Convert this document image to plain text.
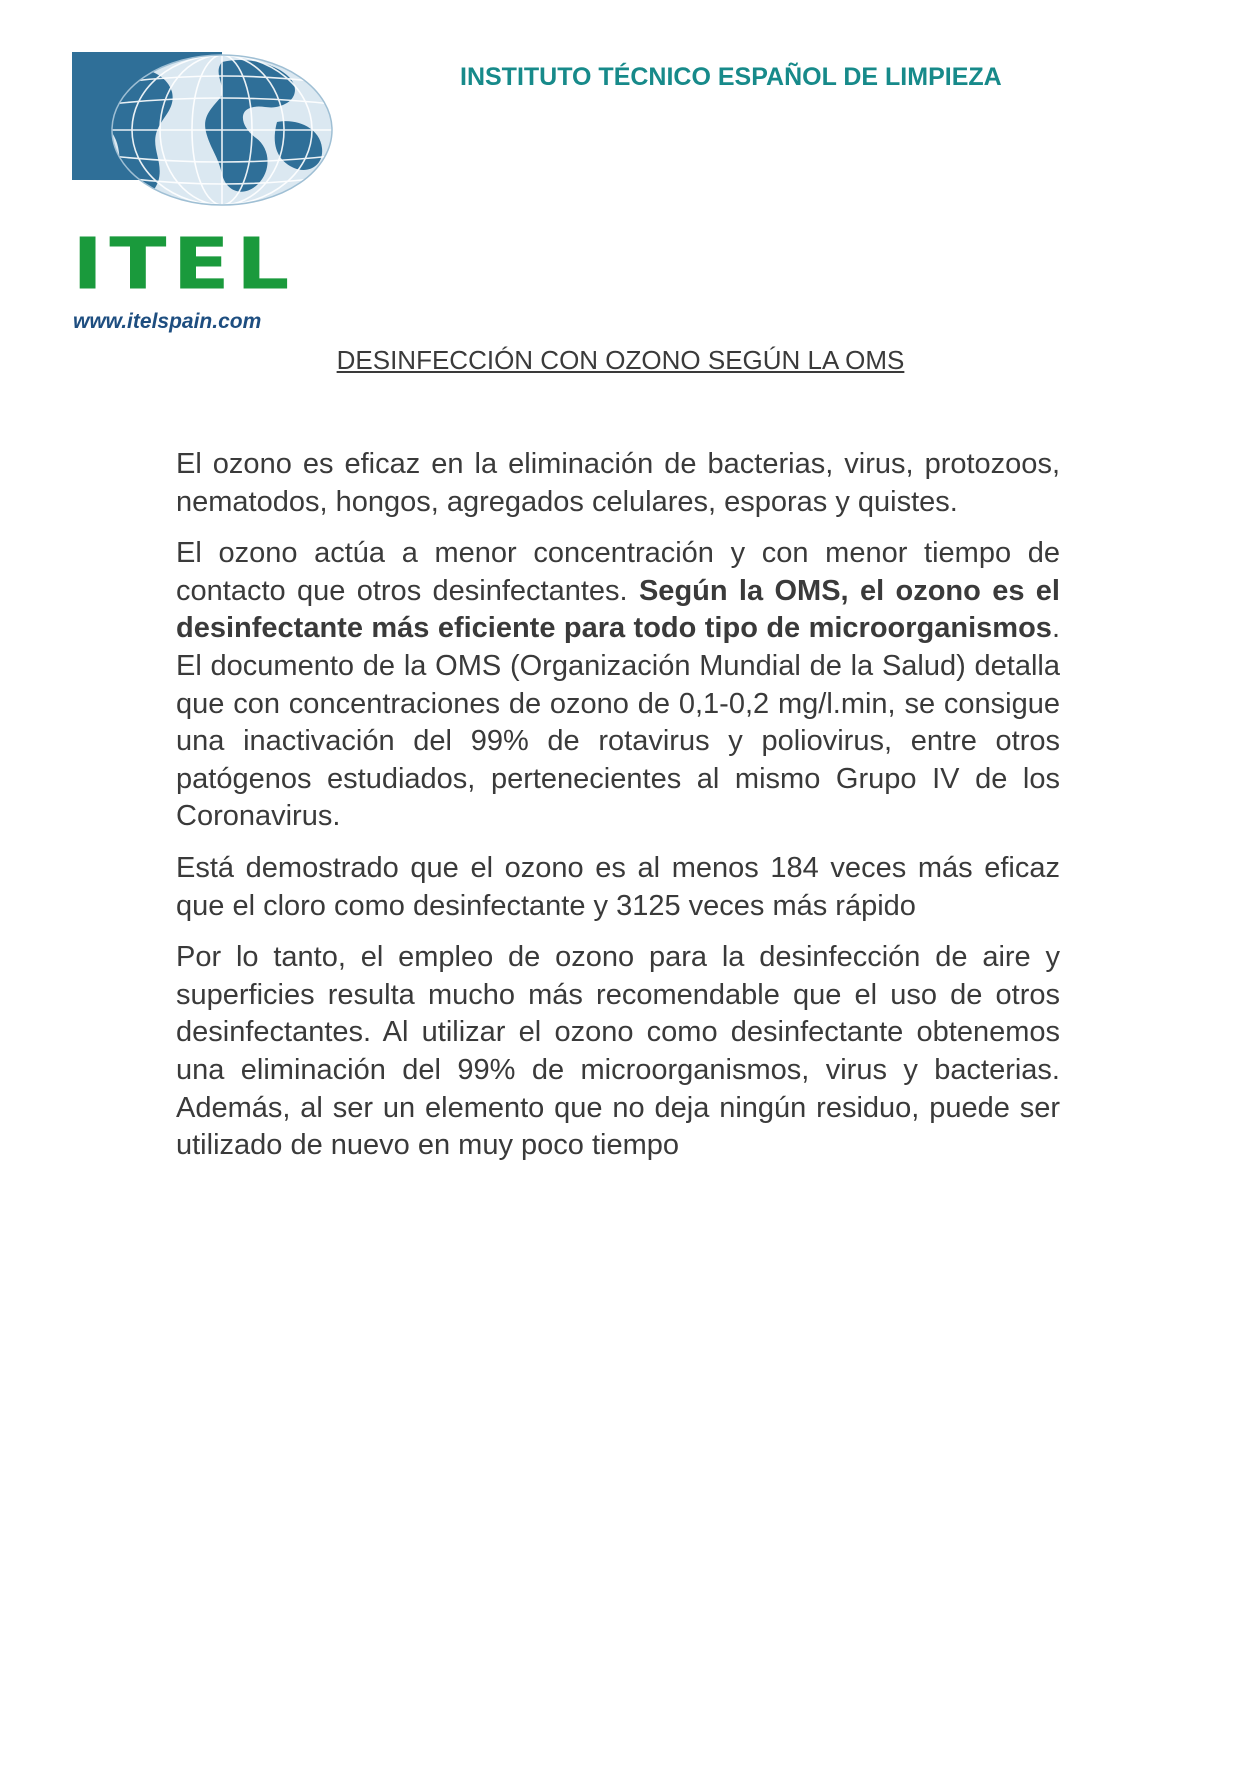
ITEL
www.itelspain.com
INSTITUTO TÉCNICO ESPAÑOL DE LIMPIEZA
DESINFECCIÓN CON OZONO SEGÚN LA OMS

El ozono es eficaz en la eliminación de bacterias, virus, protozoos, nematodos, hongos, agregados celulares, esporas y quistes.

El ozono actúa a menor concentración y con menor tiempo de contacto que otros desinfectantes. Según la OMS, el ozono es el desinfectante más eficiente para todo tipo de microorganismos. El documento de la OMS (Organización Mundial de la Salud) detalla que con concentraciones de ozono de 0,1-0,2 mg/l.min, se consigue una inactivación del 99% de rotavirus y poliovirus, entre otros patógenos estudiados, pertenecientes al mismo Grupo IV de los Coronavirus.

Está demostrado que el ozono es al menos 184 veces más eficaz que el cloro como desinfectante y 3125 veces más rápido

Por lo tanto, el empleo de ozono para la desinfección de aire y superficies resulta mucho más recomendable que el uso de otros desinfectantes. Al utilizar el ozono como desinfectante obtenemos una eliminación del 99% de microorganismos, virus y bacterias. Además, al ser un elemento que no deja ningún residuo, puede ser utilizado de nuevo en muy poco tiempo
